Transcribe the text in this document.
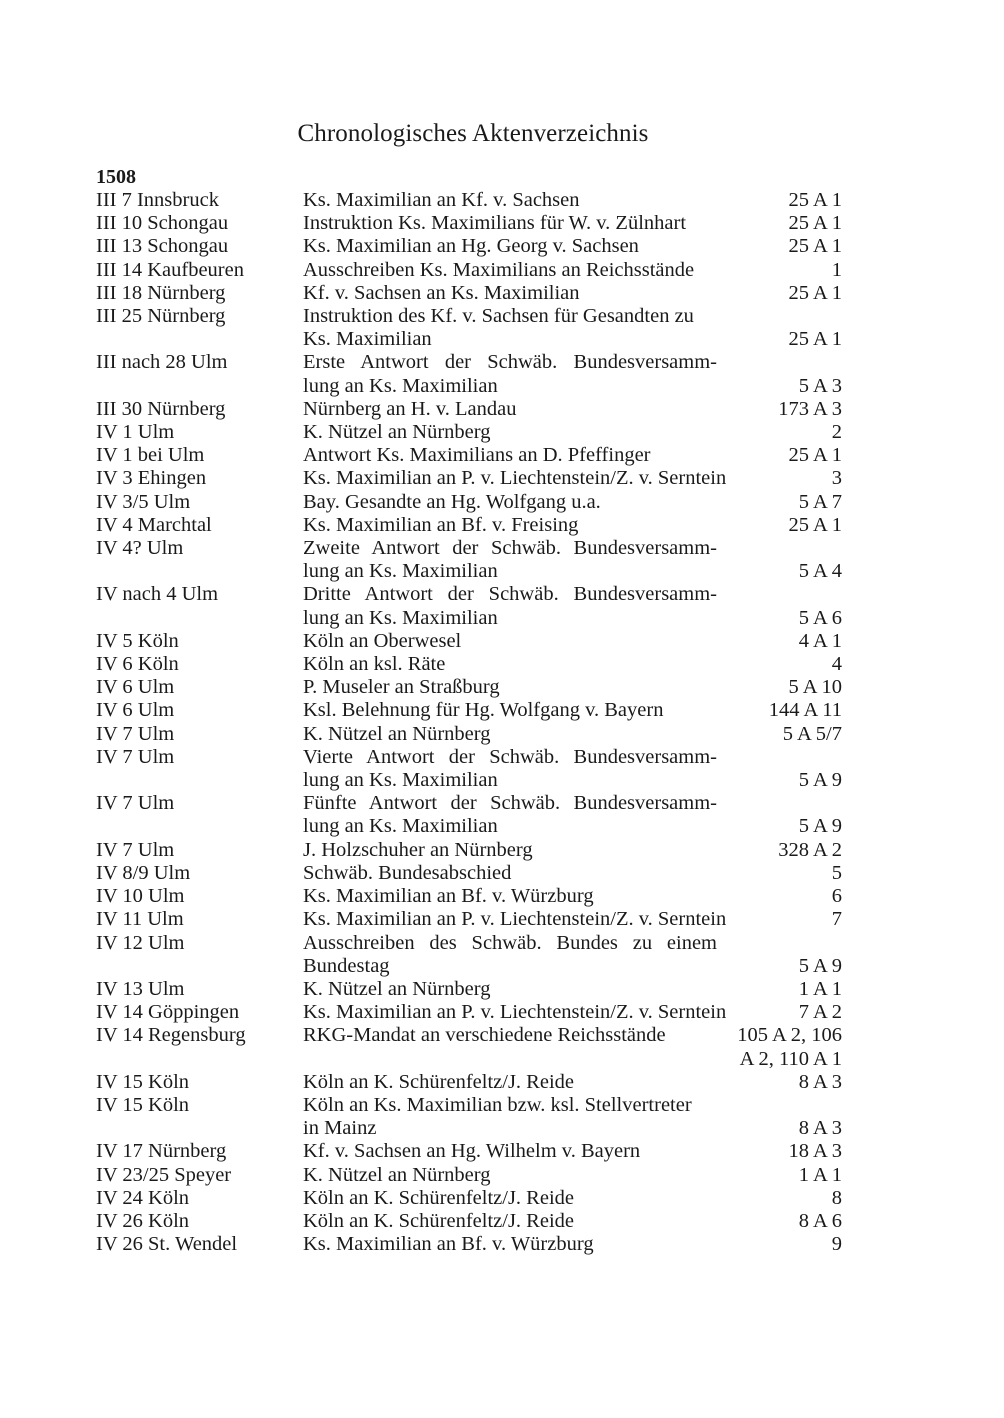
Chronologisches Aktenverzeichnis
1508
III 7 Innsbruck	Ks. Maximilian an Kf. v. Sachsen	25 A 1
III 10 Schongau	Instruktion Ks. Maximilians für W. v. Zülnhart	25 A 1
III 13 Schongau	Ks. Maximilian an Hg. Georg v. Sachsen	25 A 1
III 14 Kaufbeuren	Ausschreiben Ks. Maximilians an Reichsstände	1
III 18 Nürnberg	Kf. v. Sachsen an Ks. Maximilian	25 A 1
III 25 Nürnberg	Instruktion des Kf. v. Sachsen für Gesandten zu
Ks. Maximilian	25 A 1
III nach 28 Ulm	Erste Antwort der Schwäb. Bundesversamm-
lung an Ks. Maximilian	5 A 3
III 30 Nürnberg	Nürnberg an H. v. Landau	173 A 3
IV 1 Ulm	K. Nützel an Nürnberg	2
IV 1 bei Ulm	Antwort Ks. Maximilians an D. Pfeffinger	25 A 1
IV 3 Ehingen	Ks. Maximilian an P. v. Liechtenstein/Z. v. Serntein	3
IV 3/5 Ulm	Bay. Gesandte an Hg. Wolfgang u.a.	5 A 7
IV 4 Marchtal	Ks. Maximilian an Bf. v. Freising	25 A 1
IV 4? Ulm	Zweite Antwort der Schwäb. Bundesversamm-
lung an Ks. Maximilian	5 A 4
IV nach 4 Ulm	Dritte Antwort der Schwäb. Bundesversamm-
lung an Ks. Maximilian	5 A 6
IV 5 Köln	Köln an Oberwesel	4 A 1
IV 6 Köln	Köln an ksl. Räte	4
IV 6 Ulm	P. Museler an Straßburg	5 A 10
IV 6 Ulm	Ksl. Belehnung für Hg. Wolfgang v. Bayern	144 A 11
IV 7 Ulm	K. Nützel an Nürnberg	5 A 5/7
IV 7 Ulm	Vierte Antwort der Schwäb. Bundesversamm-
lung an Ks. Maximilian	5 A 9
IV 7 Ulm	Fünfte Antwort der Schwäb. Bundesversamm-
lung an Ks. Maximilian	5 A 9
IV 7 Ulm	J. Holzschuher an Nürnberg	328 A 2
IV 8/9 Ulm	Schwäb. Bundesabschied	5
IV 10 Ulm	Ks. Maximilian an Bf. v. Würzburg	6
IV 11 Ulm	Ks. Maximilian an P. v. Liechtenstein/Z. v. Serntein	7
IV 12 Ulm	Ausschreiben des Schwäb. Bundes zu einem
Bundestag	5 A 9
IV 13 Ulm	K. Nützel an Nürnberg	1 A 1
IV 14 Göppingen	Ks. Maximilian an P. v. Liechtenstein/Z. v. Serntein	7 A 2
IV 14 Regensburg	RKG-Mandat an verschiedene Reichsstände	105 A 2, 106
A 2, 110 A 1
IV 15 Köln	Köln an K. Schürenfeltz/J. Reide	8 A 3
IV 15 Köln	Köln an Ks. Maximilian bzw. ksl. Stellvertreter
in Mainz	8 A 3
IV 17 Nürnberg	Kf. v. Sachsen an Hg. Wilhelm v. Bayern	18 A 3
IV 23/25 Speyer	K. Nützel an Nürnberg	1 A 1
IV 24 Köln	Köln an K. Schürenfeltz/J. Reide	8
IV 26 Köln	Köln an K. Schürenfeltz/J. Reide	8 A 6
IV 26 St. Wendel	Ks. Maximilian an Bf. v. Würzburg	9
